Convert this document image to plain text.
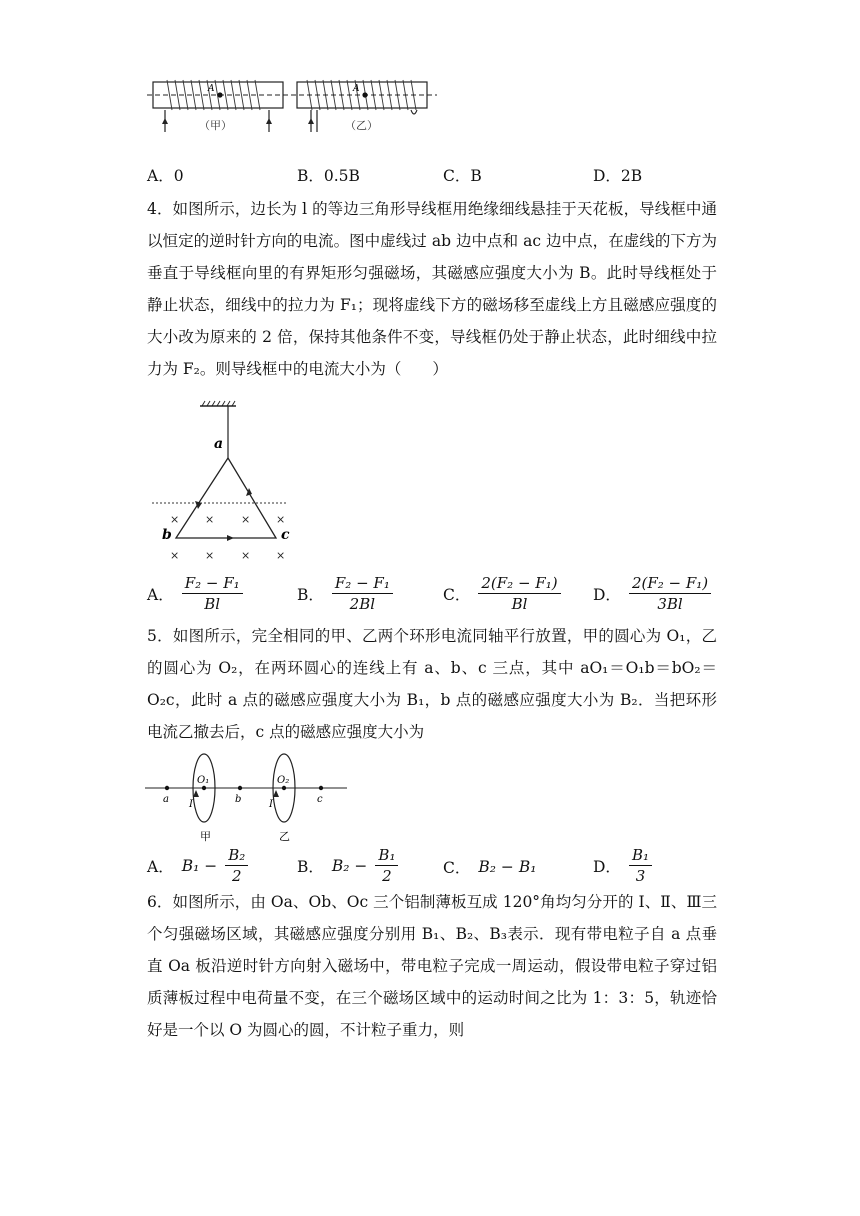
A	A
（甲）	（乙）
A．0	B．0.5B	C．B	D．2B

4．如图所示，边长为 l 的等边三角形导线框用绝缘细线悬挂于天花板，导线框中通以恒定的逆时针方向的电流。图中虚线过 ab 边中点和 ac 边中点，在虚线的下方为垂直于导线框向里的有界矩形匀强磁场，其磁感应强度大小为 B。此时导线框处于静止状态，细线中的拉力为 F₁；现将虚线下方的磁场移至虚线上方且磁感应强度的大小改为原来的 2 倍，保持其他条件不变，导线框仍处于静止状态，此时细线中拉力为 F₂。则导线框中的电流大小为（　　）

a
b	c
× × × ×
× × × ×
A． $\frac{\text{F₂ − F₁}}{Bl}$	B． $\frac{\text{F₂ − F₁}}{2Bl}$	C． $\frac{\text{2(F₂ − F₁)}}{Bl}$ D． $\frac{\text{2(F₂ − F₁)}}{3Bl}$

5．如图所示，完全相同的甲、乙两个环形电流同轴平行放置，甲的圆心为 O₁，乙的圆心为 O₂，在两环圆心的连线上有 a、b、c 三点，其中 aO₁＝O₁b＝bO₂＝O₂c，此时 a 点的磁感应强度大小为 B₁，b 点的磁感应强度大小为 B₂．当把环形电流乙撤去后，c 点的磁感应强度大小为

a
O₁
b
O₂
c
I	I
甲	乙
A． $B_1 - \frac{\text{B₂}}{2}$	B． $B_2 - \frac{\text{B₁}}{2}$	C． B₂ − B₁	D． $\frac{\text{B₁}}{3}$

6．如图所示，由 Oa、Ob、Oc 三个铝制薄板互成 120°角均匀分开的 I、Ⅱ、Ⅲ三个匀强磁场区域，其磁感应强度分别用 B₁、B₂、B₃表示．现有带电粒子自 a 点垂直 Oa 板沿逆时针方向射入磁场中，带电粒子完成一周运动，假设带电粒子穿过铝质薄板过程中电荷量不变，在三个磁场区域中的运动时间之比为 1：3：5，轨迹恰好是一个以 O 为圆心的圆，不计粒子重力，则
